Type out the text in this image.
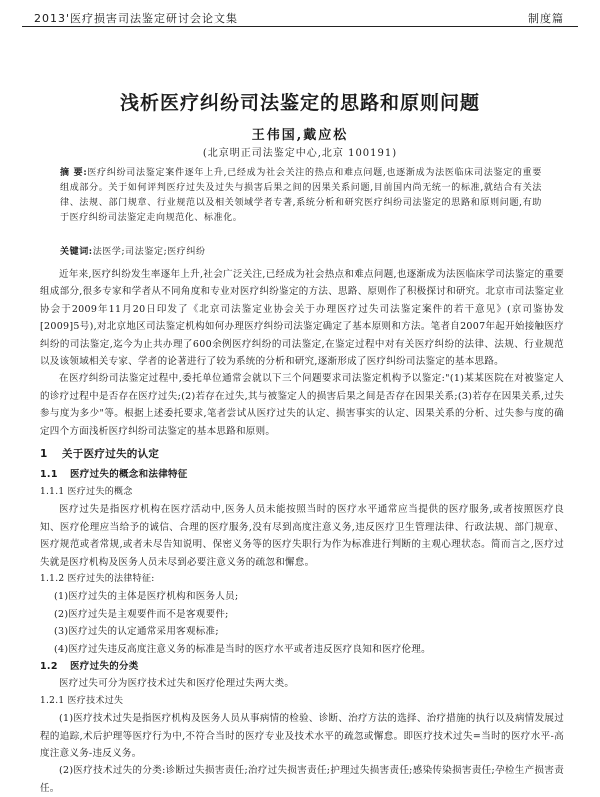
2013'医疗损害司法鉴定研讨会论文集	制度篇
浅析医疗纠纷司法鉴定的思路和原则问题
王伟国,戴应松
(北京明正司法鉴定中心,北京 100191)
摘 要:医疗纠纷司法鉴定案件逐年上升,已经成为社会关注的热点和难点问题,也逐渐成为法医临床司法鉴定的重要组成部分。关于如何评判医疗过失及过失与损害后果之间的因果关系问题,目前国内尚无统一的标准,就结合有关法律、法规、部门规章、行业规范以及相关领域学者专著,系统分析和研究医疗纠纷司法鉴定的思路和原则问题,有助于医疗纠纷司法鉴定走向规范化、标准化。
关键词:法医学;司法鉴定;医疗纠纷

近年来,医疗纠纷发生率逐年上升,社会广泛关注,已经成为社会热点和难点问题,也逐渐成为法医临床学司法鉴定的重要组成部分,很多专家和学者从不同角度和专业对医疗纠纷鉴定的方法、思路、原则作了积极探讨和研究。北京市司法鉴定业协会于2009年11月20日印发了《北京司法鉴定业协会关于办理医疗过失司法鉴定案件的若干意见》(京司鉴协发[2009]5号),对北京地区司法鉴定机构如何办理医疗纠纷司法鉴定确定了基本原则和方法。笔者自2007年起开始接触医疗纠纷的司法鉴定,迄今为止共办理了600余例医疗纠纷的司法鉴定,在鉴定过程中对有关医疗纠纷的法律、法规、行业规范以及该领域相关专家、学者的论著进行了较为系统的分析和研究,逐渐形成了医疗纠纷司法鉴定的基本思路。

在医疗纠纷司法鉴定过程中,委托单位通常会就以下三个问题要求司法鉴定机构予以鉴定:"(1)某某医院在对被鉴定人的诊疗过程中是否存在医疗过失;(2)若存在过失,其与被鉴定人的损害后果之间是否存在因果关系;(3)若存在因果关系,过失参与度为多少"等。根据上述委托要求,笔者尝试从医疗过失的认定、损害事实的认定、因果关系的分析、过失参与度的确定四个方面浅析医疗纠纷司法鉴定的基本思路和原则。

1 关于医疗过失的认定
1.1 医疗过失的概念和法律特征
1.1.1 医疗过失的概念

医疗过失是指医疗机构在医疗活动中,医务人员未能按照当时的医疗水平通常应当提供的医疗服务,或者按照医疗良知、医疗伦理应当给予的诚信、合理的医疗服务,没有尽到高度注意义务,违反医疗卫生管理法律、行政法规、部门规章、医疗规范或者常规,或者未尽告知说明、保密义务等的医疗失职行为作为标准进行判断的主观心理状态。简而言之,医疗过失就是医疗机构及医务人员未尽到必要注意义务的疏忽和懈怠。

1.1.2 医疗过失的法律特征:
(1)医疗过失的主体是医疗机构和医务人员;
(2)医疗过失是主观要件而不是客观要件;
(3)医疗过失的认定通常采用客观标准;
(4)医疗过失违反高度注意义务的标准是当时的医疗水平或者违反医疗良知和医疗伦理。
1.2 医疗过失的分类

医疗过失可分为医疗技术过失和医疗伦理过失两大类。

1.2.1 医疗技术过失

(1)医疗技术过失是指医疗机构及医务人员从事病情的检验、诊断、治疗方法的选择、治疗措施的执行以及病情发展过程的追踪,术后护理等医疗行为中,不符合当时的医疗专业及技术水平的疏忽或懈怠。即医疗技术过失=当时的医疗水平-高度注意义务-违反义务。

(2)医疗技术过失的分类:诊断过失损害责任;治疗过失损害责任;护理过失损害责任;感染传染损害责任;孕检生产损害责任。
